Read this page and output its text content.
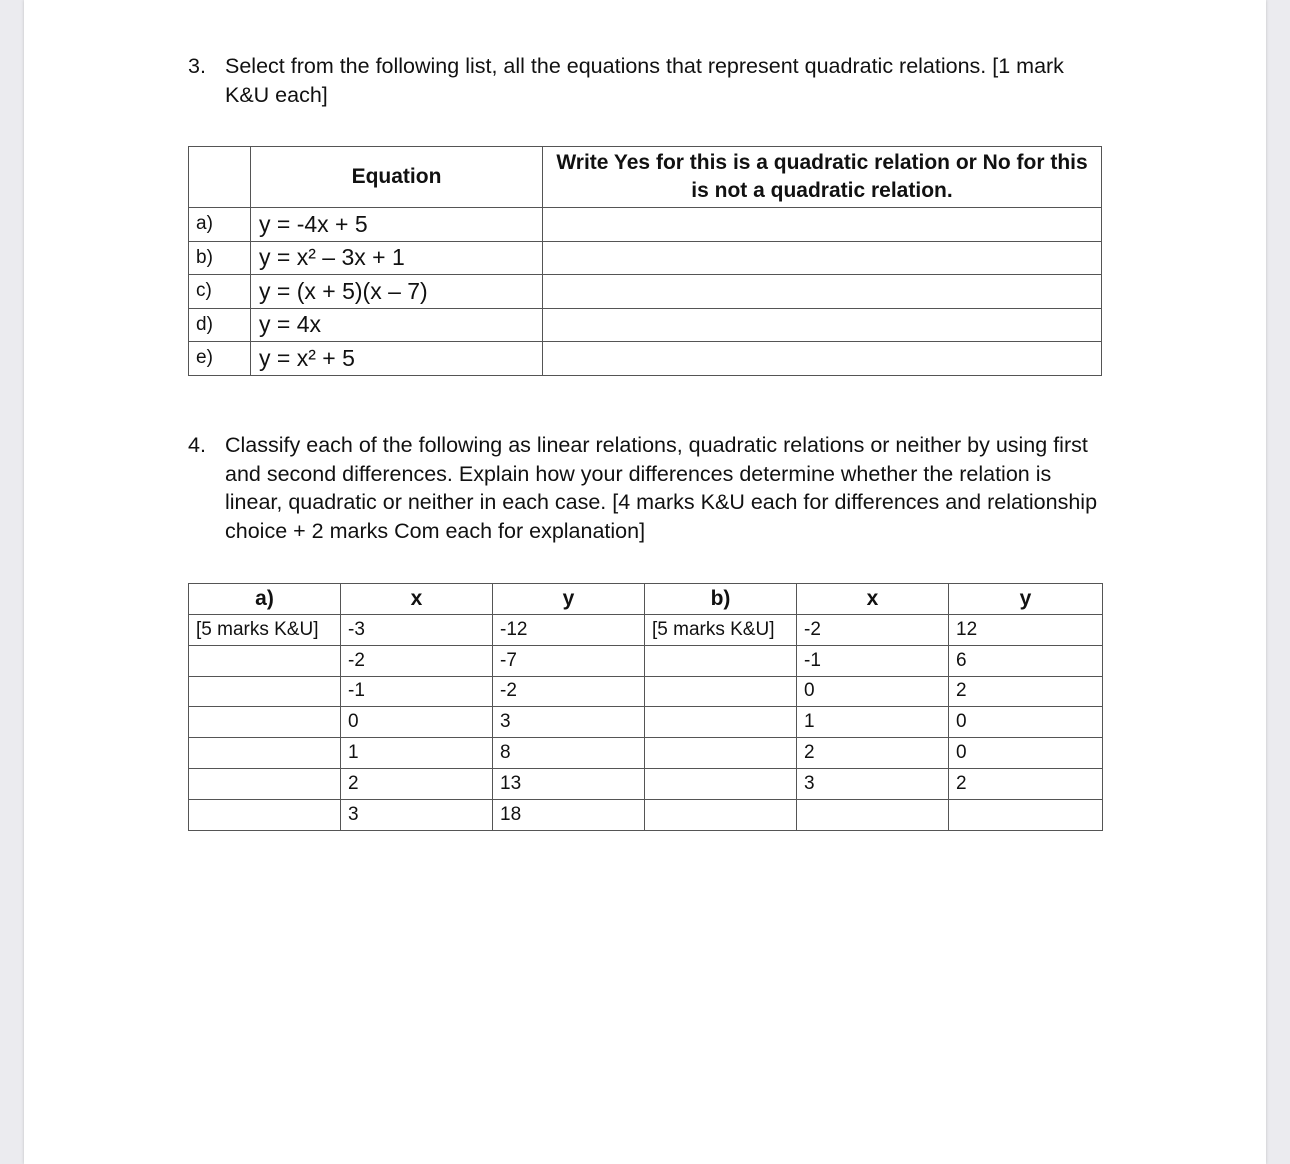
3. Select from the following list, all the equations that represent quadratic relations. [1 mark K&U each]
	Equation	Write Yes for this is a quadratic relation or No for this is not a quadratic relation.
a)	y = -4x + 5	
b)	y = x² – 3x + 1	
c)	y = (x + 5)(x – 7)	
d)	y = 4x	
e)	y = x² + 5	
4. Classify each of the following as linear relations, quadratic relations or neither by using first and second differences. Explain how your differences determine whether the relation is linear, quadratic or neither in each case. [4 marks K&U each for differences and relationship choice + 2 marks Com each for explanation]
a)	x	y	b)	x	y
[5 marks K&U]	-3	-12	[5 marks K&U]	-2	12
	-2	-7		-1	6
	-1	-2		0	2
	0	3		1	0
	1	8		2	0
	2	13		3	2
	3	18			
